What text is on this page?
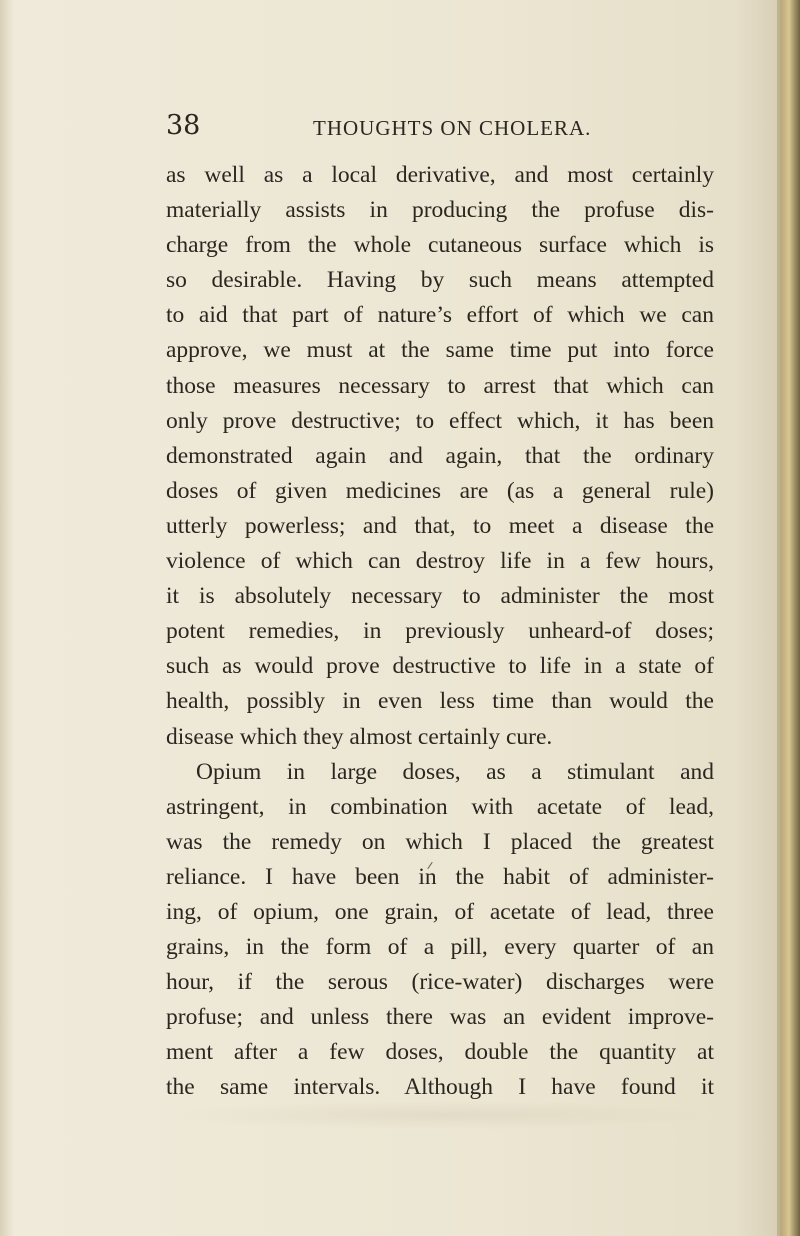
38	THOUGHTS ON CHOLERA.
as well as a local derivative, and most certainly
materially assists in producing the profuse dis-
charge from the whole cutaneous surface which is
so desirable. Having by such means attempted
to aid that part of nature’s effort of which we can
approve, we must at the same time put into force
those measures necessary to arrest that which can
only prove destructive; to effect which, it has been
demonstrated again and again, that the ordinary
doses of given medicines are (as a general rule)
utterly powerless; and that, to meet a disease the
violence of which can destroy life in a few hours,
it is absolutely necessary to administer the most
potent remedies, in previously unheard-of doses;
such as would prove destructive to life in a state of
health, possibly in even less time than would the
disease which they almost certainly cure.
Opium in large doses, as a stimulant and
astringent, in combination with acetate of lead,
was the remedy on which I placed the greatest
reliance. I have been in the habit of administer-
ing, of opium, one grain, of acetate of lead, three
grains, in the form of a pill, every quarter of an
hour, if the serous (rice-water) discharges were
profuse; and unless there was an evident improve-
ment after a few doses, double the quantity at
the same intervals. Although I have found it
